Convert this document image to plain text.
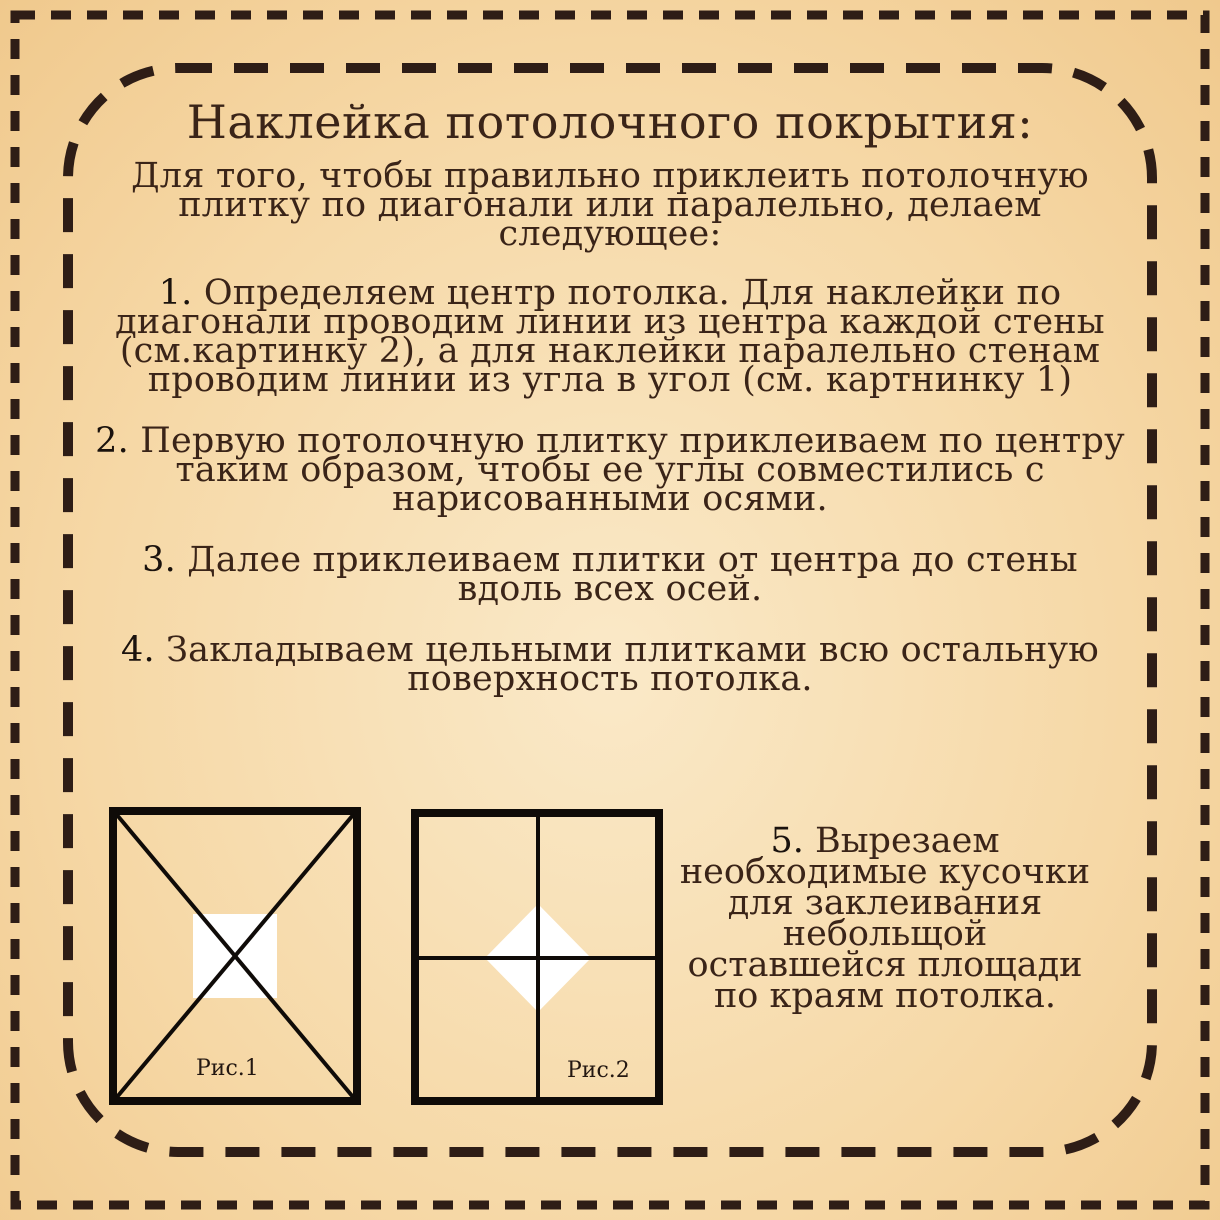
Наклейка потолочного покрытия:

Для того, чтобы правильно приклеить потолочную плитку по диагонали или паралельно, делаем следующее:

1. Определяем центр потолка. Для наклейки по диагонали проводим линии из центра каждой стены (см.картинку 2), а для наклейки паралельно стенам проводим линии из угла в угол (см. картнинку 1)

2. Первую потолочную плитку приклеиваем по центру таким образом, чтобы ее углы совместились с нарисованными осями.

3. Далее приклеиваем плитки от центра до стены вдоль всех осей.

4. Закладываем цельными плитками всю остальную поверхность потолка.

Рис.1	Рис.2

5. Вырезаем необходимые кусочки для заклеивания небольщой оставшейся площади по краям потолка.
